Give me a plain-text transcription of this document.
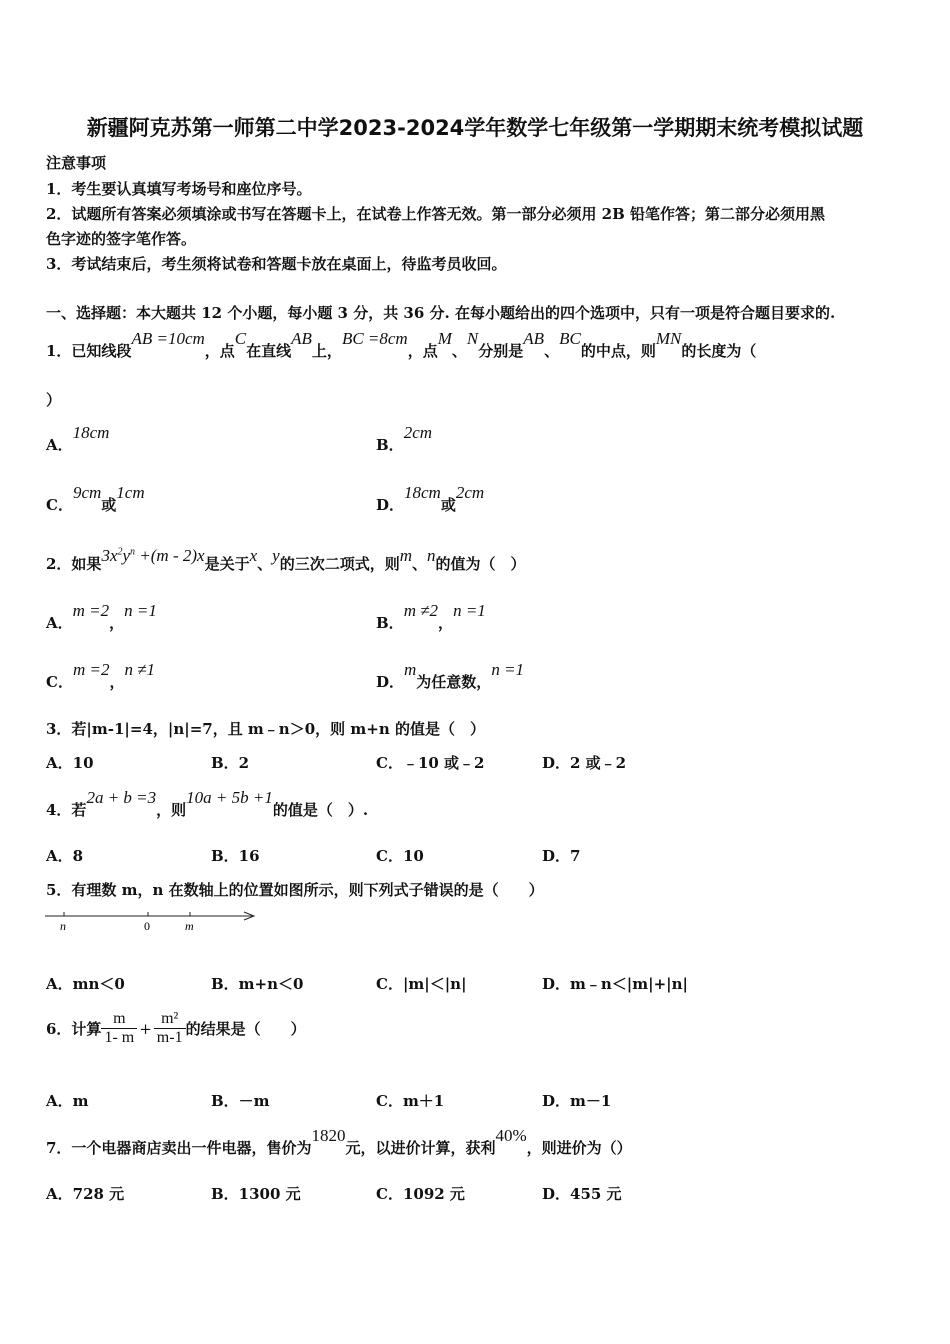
新疆阿克苏第一师第二中学2023-2024学年数学七年级第一学期期末统考模拟试题
注意事项
1．考生要认真填写考场号和座位序号。
2．试题所有答案必须填涂或书写在答题卡上，在试卷上作答无效。第一部分必须用 2B 铅笔作答；第二部分必须用黑
色字迹的签字笔作答。
3．考试结束后，考生须将试卷和答题卡放在桌面上，待监考员收回。
一、选择题：本大题共 12 个小题，每小题 3 分，共 36 分. 在每小题给出的四个选项中，只有一项是符合题目要求的.
1．已知线段AB =10cm，点C在直线AB上，BC =8cm，点M、N分别是AB、BC的中点，则MN的长度为（
）
A．18cm
B．2cm
C．9cm或1cm
D．18cm或2cm
2．如果$3x^2y^n +(m - 2)x$是关于x、y的三次二项式，则m、n的值为（　）
A．m =2，n =1
B．m ≠2，n =1
C．m =2，n ≠1
D．m为任意数，n =1
3．若|m-1|=4，|n|=7，且 m﹣n＞0，则 m+n 的值是（　）
A．10	B．2	C．﹣10 或﹣2	D．2 或﹣2
4．若2a + b =3，则10a + 5b +1的值是（　）.
A．8	B．16	C．10	D．7
5．有理数 m，n 在数轴上的位置如图所示，则下列式子错误的是（　　）
n	0	m
A．mn＜0	B．m+n＜0	C．|m|＜|n|	D．m﹣n＜|m|+|n|
6．计算 $\frac{m}{1- m} + \frac{\text{m²}}{m-1}$ 的结果是（　　）
A．m	B．－m	C．m＋1	D．m－1
7．一个电器商店卖出一件电器，售价为1820元，以进价计算，获利40%，则进价为（）
A．728 元	B．1300 元	C．1092 元	D．455 元
